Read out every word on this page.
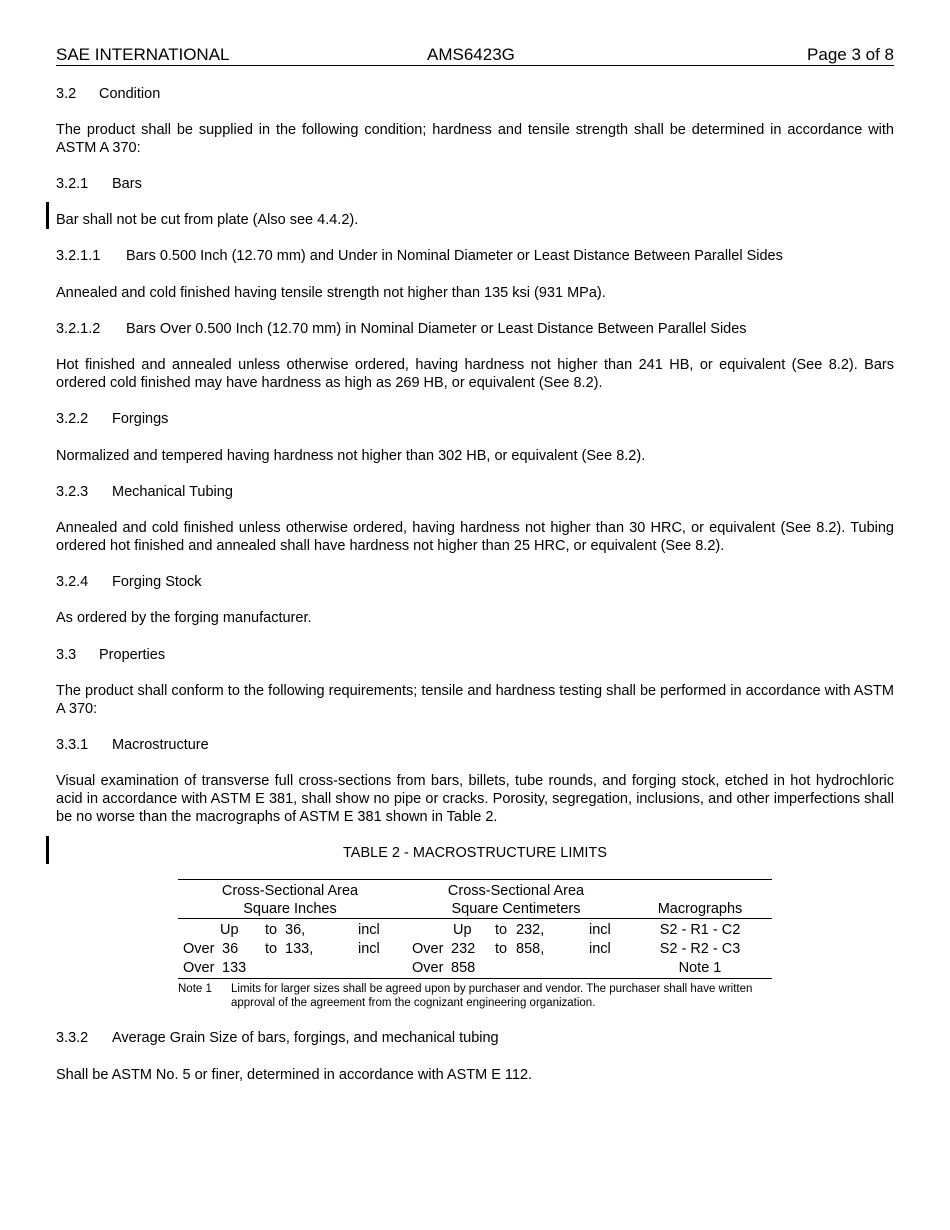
SAE INTERNATIONAL	AMS6423G	Page 3 of 8
3.2 Condition
The product shall be supplied in the following condition; hardness and tensile strength shall be determined in accordance with ASTM A 370:
3.2.1 Bars
Bar shall not be cut from plate (Also see 4.4.2).
3.2.1.1 Bars 0.500 Inch (12.70 mm) and Under in Nominal Diameter or Least Distance Between Parallel Sides
Annealed and cold finished having tensile strength not higher than 135 ksi (931 MPa).
3.2.1.2 Bars Over 0.500 Inch (12.70 mm) in Nominal Diameter or Least Distance Between Parallel Sides
Hot finished and annealed unless otherwise ordered, having hardness not higher than 241 HB, or equivalent (See 8.2). Bars ordered cold finished may have hardness as high as 269 HB, or equivalent (See 8.2).
3.2.2 Forgings
Normalized and tempered having hardness not higher than 302 HB, or equivalent (See 8.2).
3.2.3 Mechanical Tubing
Annealed and cold finished unless otherwise ordered, having hardness not higher than 30 HRC, or equivalent (See 8.2). Tubing ordered hot finished and annealed shall have hardness not higher than 25 HRC, or equivalent (See 8.2).
3.2.4 Forging Stock
As ordered by the forging manufacturer.
3.3 Properties
The product shall conform to the following requirements; tensile and hardness testing shall be performed in accordance with ASTM A 370:
3.3.1 Macrostructure
Visual examination of transverse full cross-sections from bars, billets, tube rounds, and forging stock, etched in hot hydrochloric acid in accordance with ASTM E 381, shall show no pipe or cracks. Porosity, segregation, inclusions, and other imperfections shall be no worse than the macrographs of ASTM E 381 shown in Table 2.
TABLE 2 - MACROSTRUCTURE LIMITS
Cross-Sectional Area
Square Inches
Cross-Sectional Area
Square Centimeters	Macrographs
Up to 36,	incl	Up to 232,	incl	S2 - R1 - C2
Over 36 to 133,	incl Over 232 to 858,	incl	S2 - R2 - C3
Over 133	Over 858	Note 1
Note 1 Limits for larger sizes shall be agreed upon by purchaser and vendor. The purchaser shall have written approval of the agreement from the cognizant engineering organization.
3.3.2 Average Grain Size of bars, forgings, and mechanical tubing
Shall be ASTM No. 5 or finer, determined in accordance with ASTM E 112.
